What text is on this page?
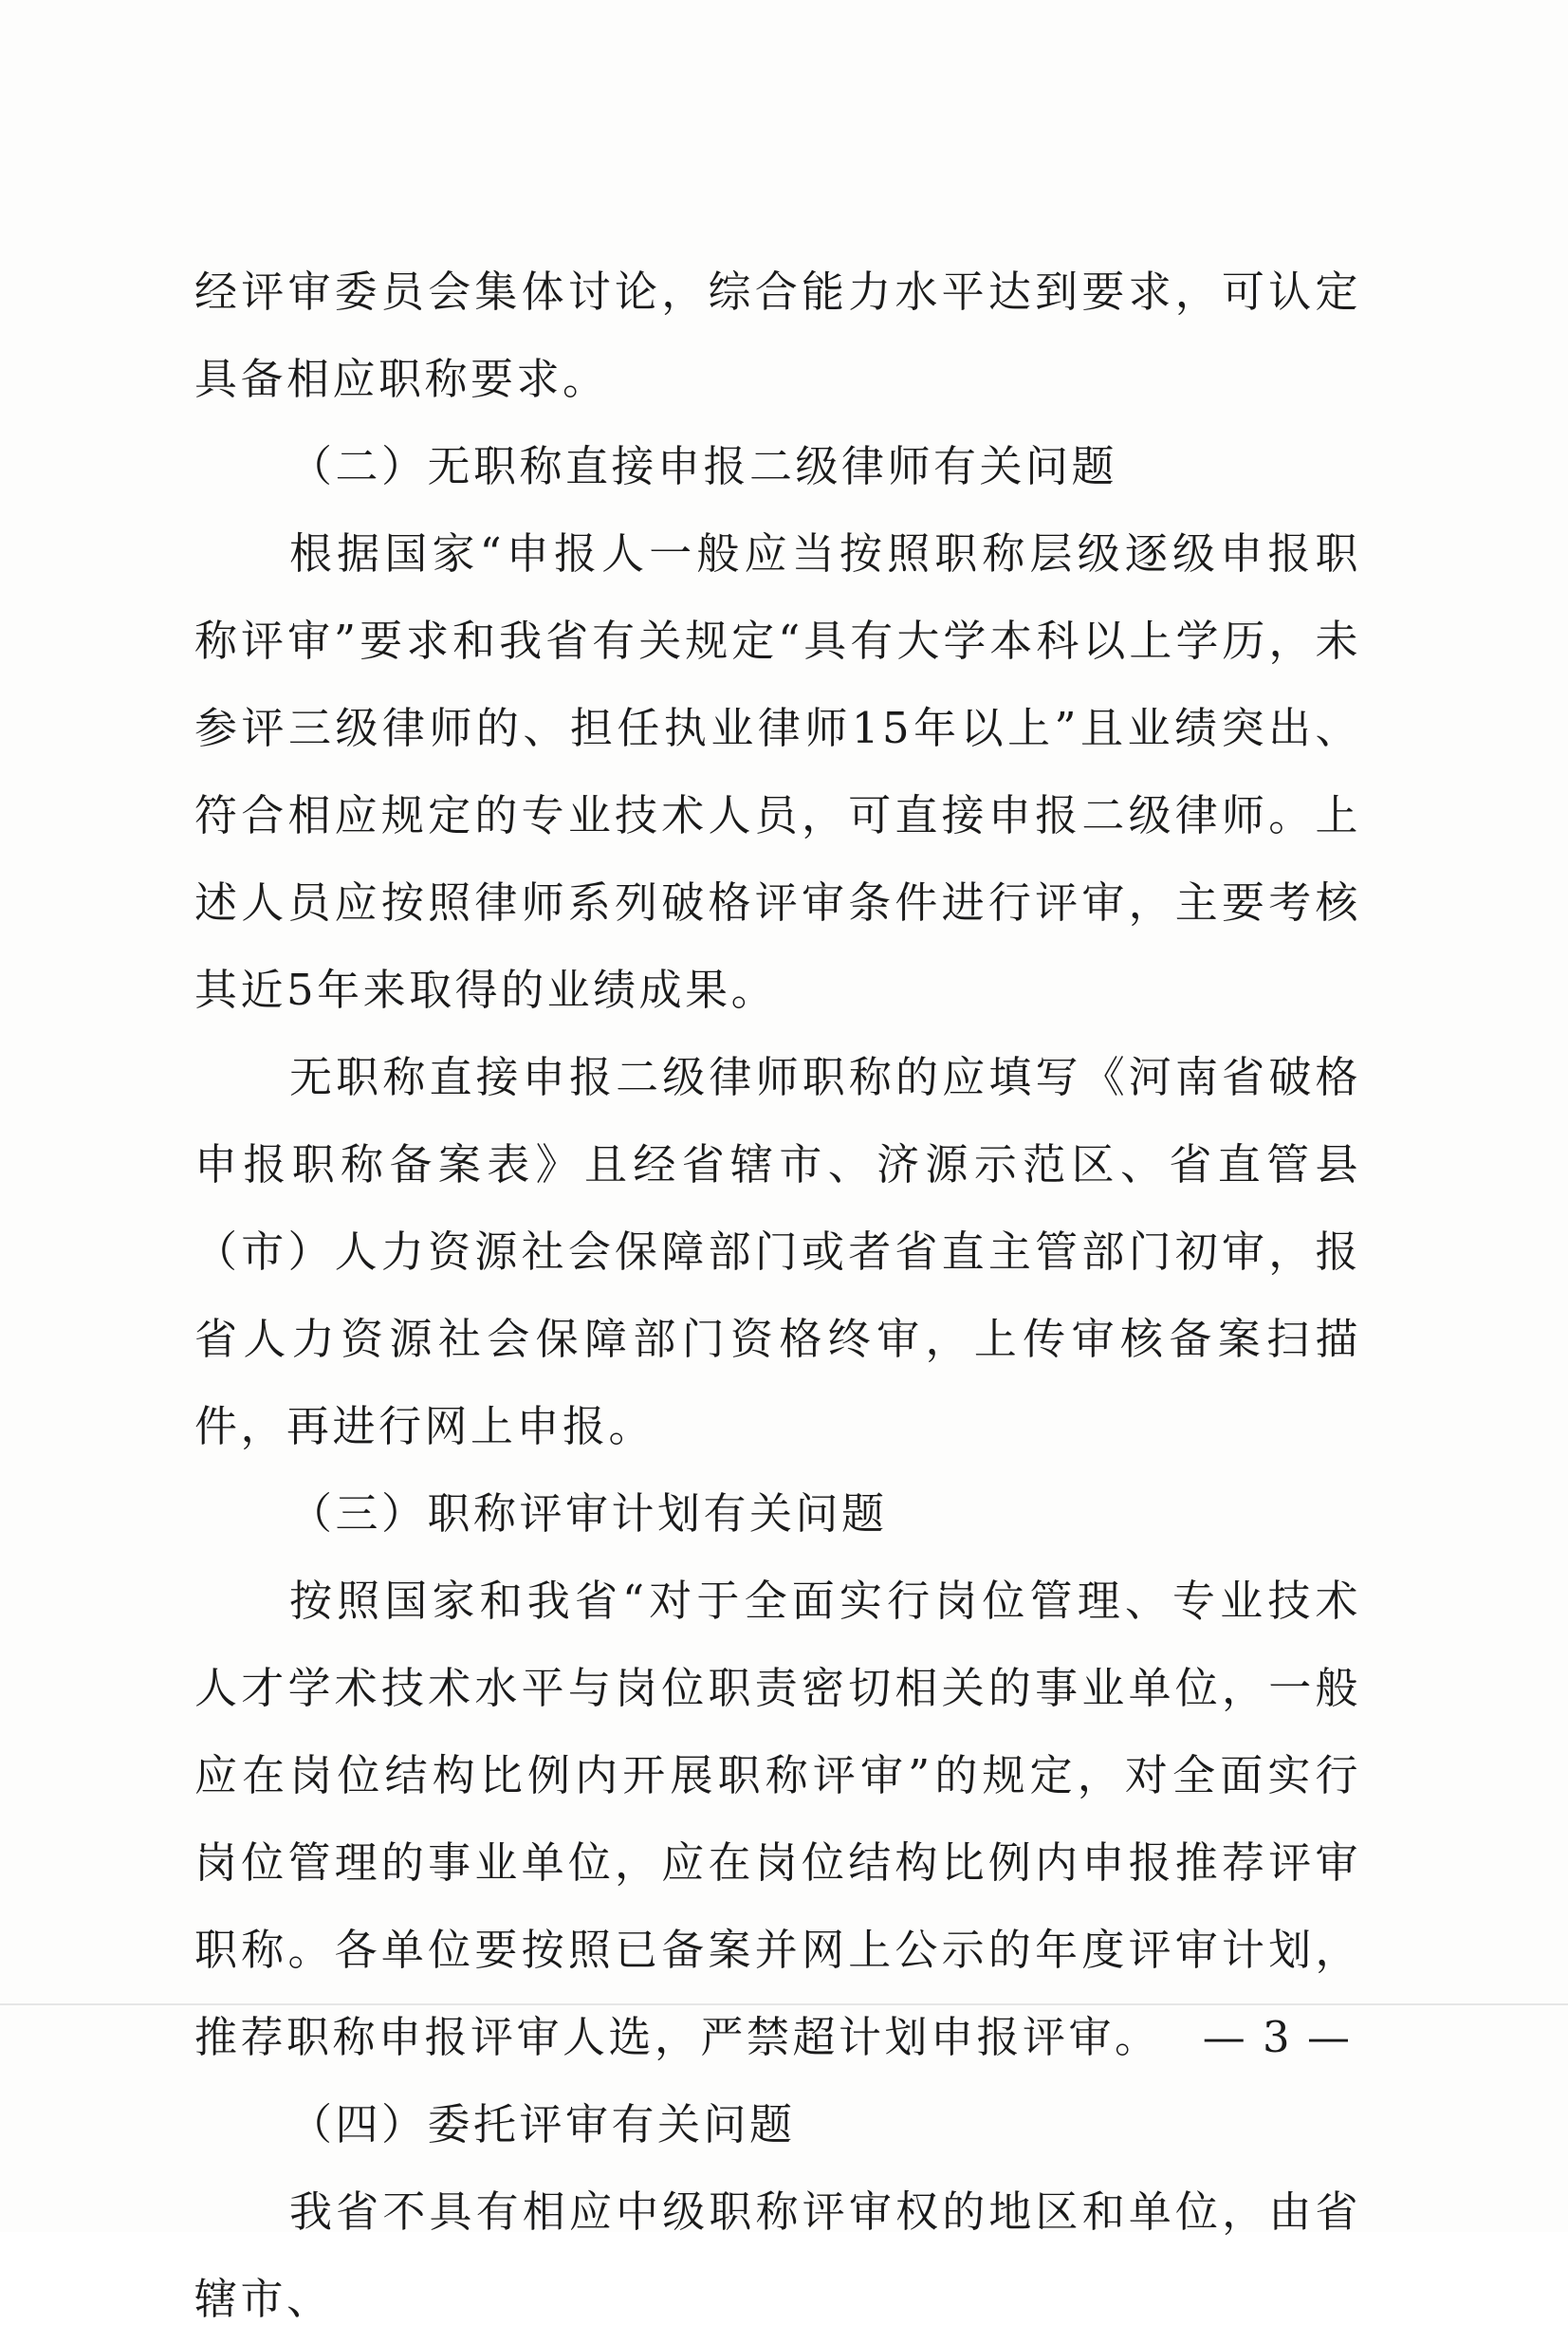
经评审委员会集体讨论，综合能力水平达到要求，可认定具备相应职称要求。

（二）无职称直接申报二级律师有关问题

根据国家“申报人一般应当按照职称层级逐级申报职称评审”要求和我省有关规定“具有大学本科以上学历，未参评三级律师的、担任执业律师15年以上”且业绩突出、符合相应规定的专业技术人员，可直接申报二级律师。上述人员应按照律师系列破格评审条件进行评审，主要考核其近5年来取得的业绩成果。

无职称直接申报二级律师职称的应填写《河南省破格申报职称备案表》且经省辖市、济源示范区、省直管县（市）人力资源社会保障部门或者省直主管部门初审，报省人力资源社会保障部门资格终审，上传审核备案扫描件，再进行网上申报。

（三）职称评审计划有关问题

按照国家和我省“对于全面实行岗位管理、专业技术人才学术技术水平与岗位职责密切相关的事业单位，一般应在岗位结构比例内开展职称评审”的规定，对全面实行岗位管理的事业单位，应在岗位结构比例内申报推荐评审职称。各单位要按照已备案并网上公示的年度评审计划，推荐职称申报评审人选，严禁超计划申报评审。

（四）委托评审有关问题

我省不具有相应中级职称评审权的地区和单位，由省辖市、

— 3 —
